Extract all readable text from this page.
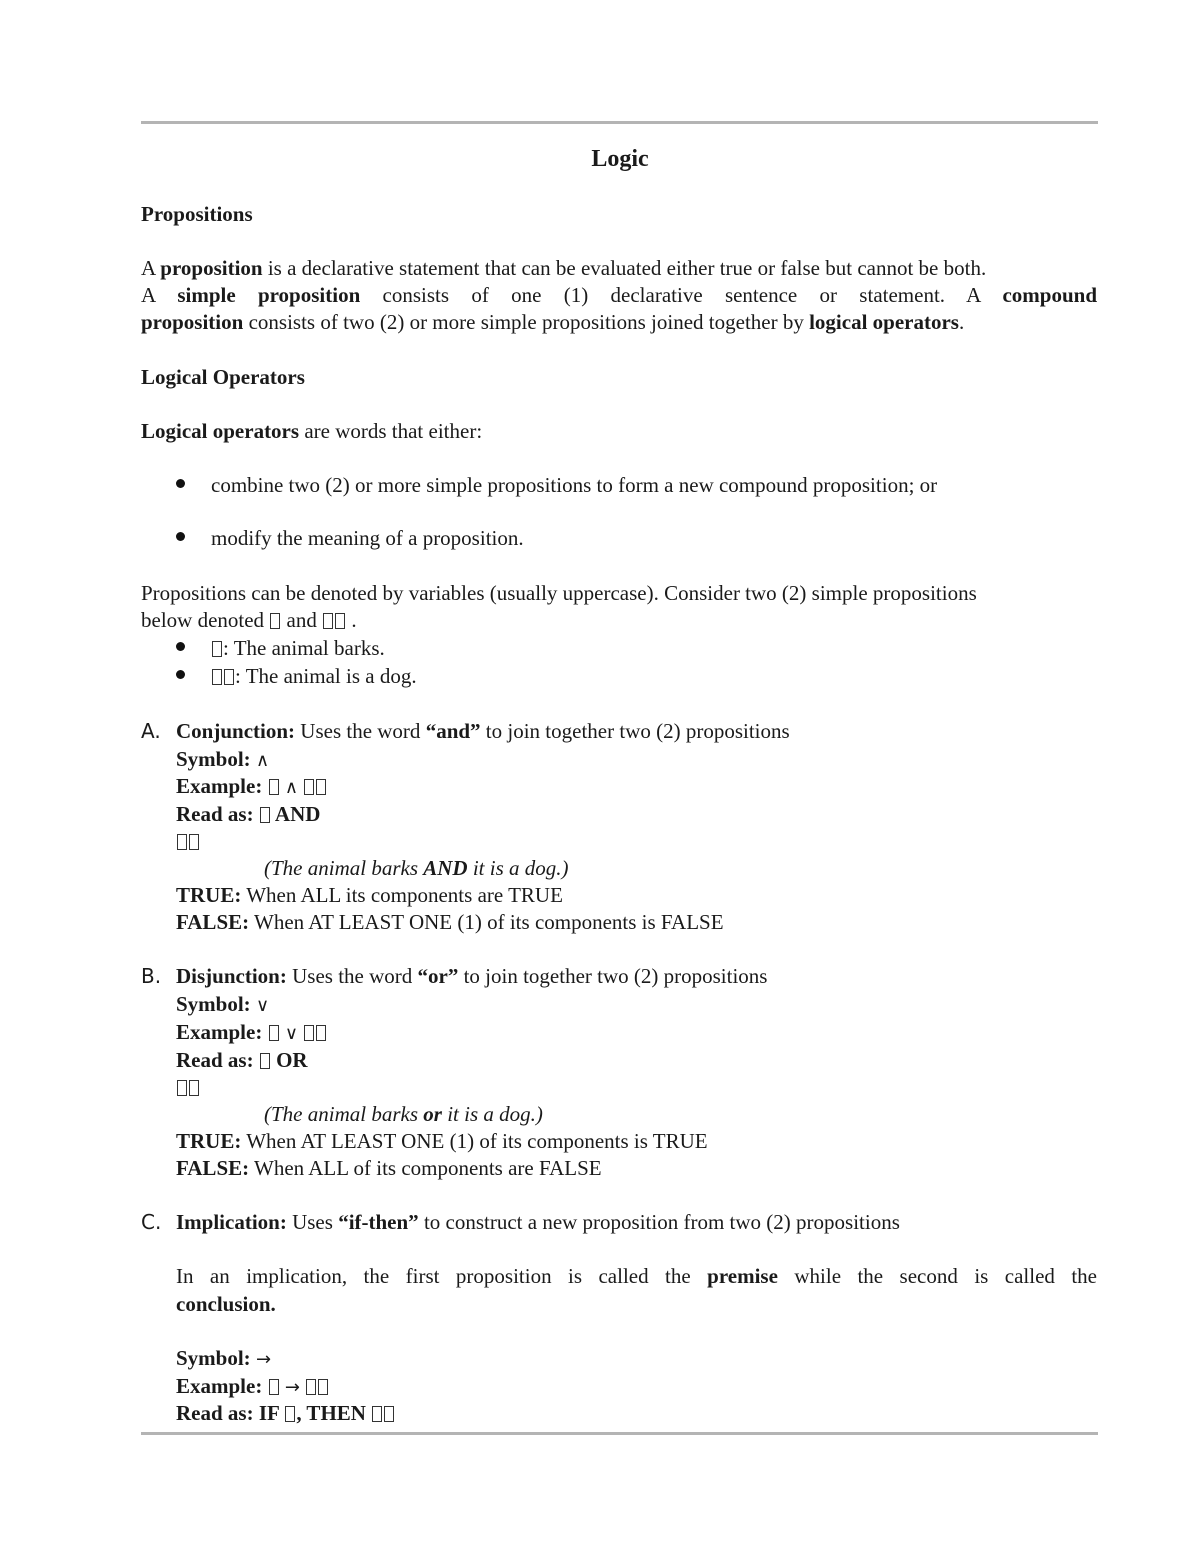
Logic
Propositions
A proposition is a declarative statement that can be evaluated either true or false but cannot be both.
A simple proposition consists of one (1) declarative sentence or statement. A compound
proposition consists of two (2) or more simple propositions joined together by logical operators.
Logical Operators
Logical operators are words that either:
combine two (2) or more simple propositions to form a new compound proposition; or
modify the meaning of a proposition.
Propositions can be denoted by variables (usually uppercase). Consider two (2) simple propositions
below denoted  and  .
: The animal barks.
: The animal is a dog.
A. Conjunction: Uses the word “and” to join together two (2) propositions
Symbol: ∧
Example:  ∧
Read as:  AND
(The animal barks AND it is a dog.)
TRUE: When ALL its components are TRUE
FALSE: When AT LEAST ONE (1) of its components is FALSE
B. Disjunction: Uses the word “or” to join together two (2) propositions
Symbol: ∨
Example:  ∨
Read as:  OR
(The animal barks or it is a dog.)
TRUE: When AT LEAST ONE (1) of its components is TRUE
FALSE: When ALL of its components are FALSE
C. Implication: Uses “if-then” to construct a new proposition from two (2) propositions
In an implication, the first proposition is called the premise while the second is called the
conclusion.
Symbol: →
Example:  →
Read as: IF , THEN
